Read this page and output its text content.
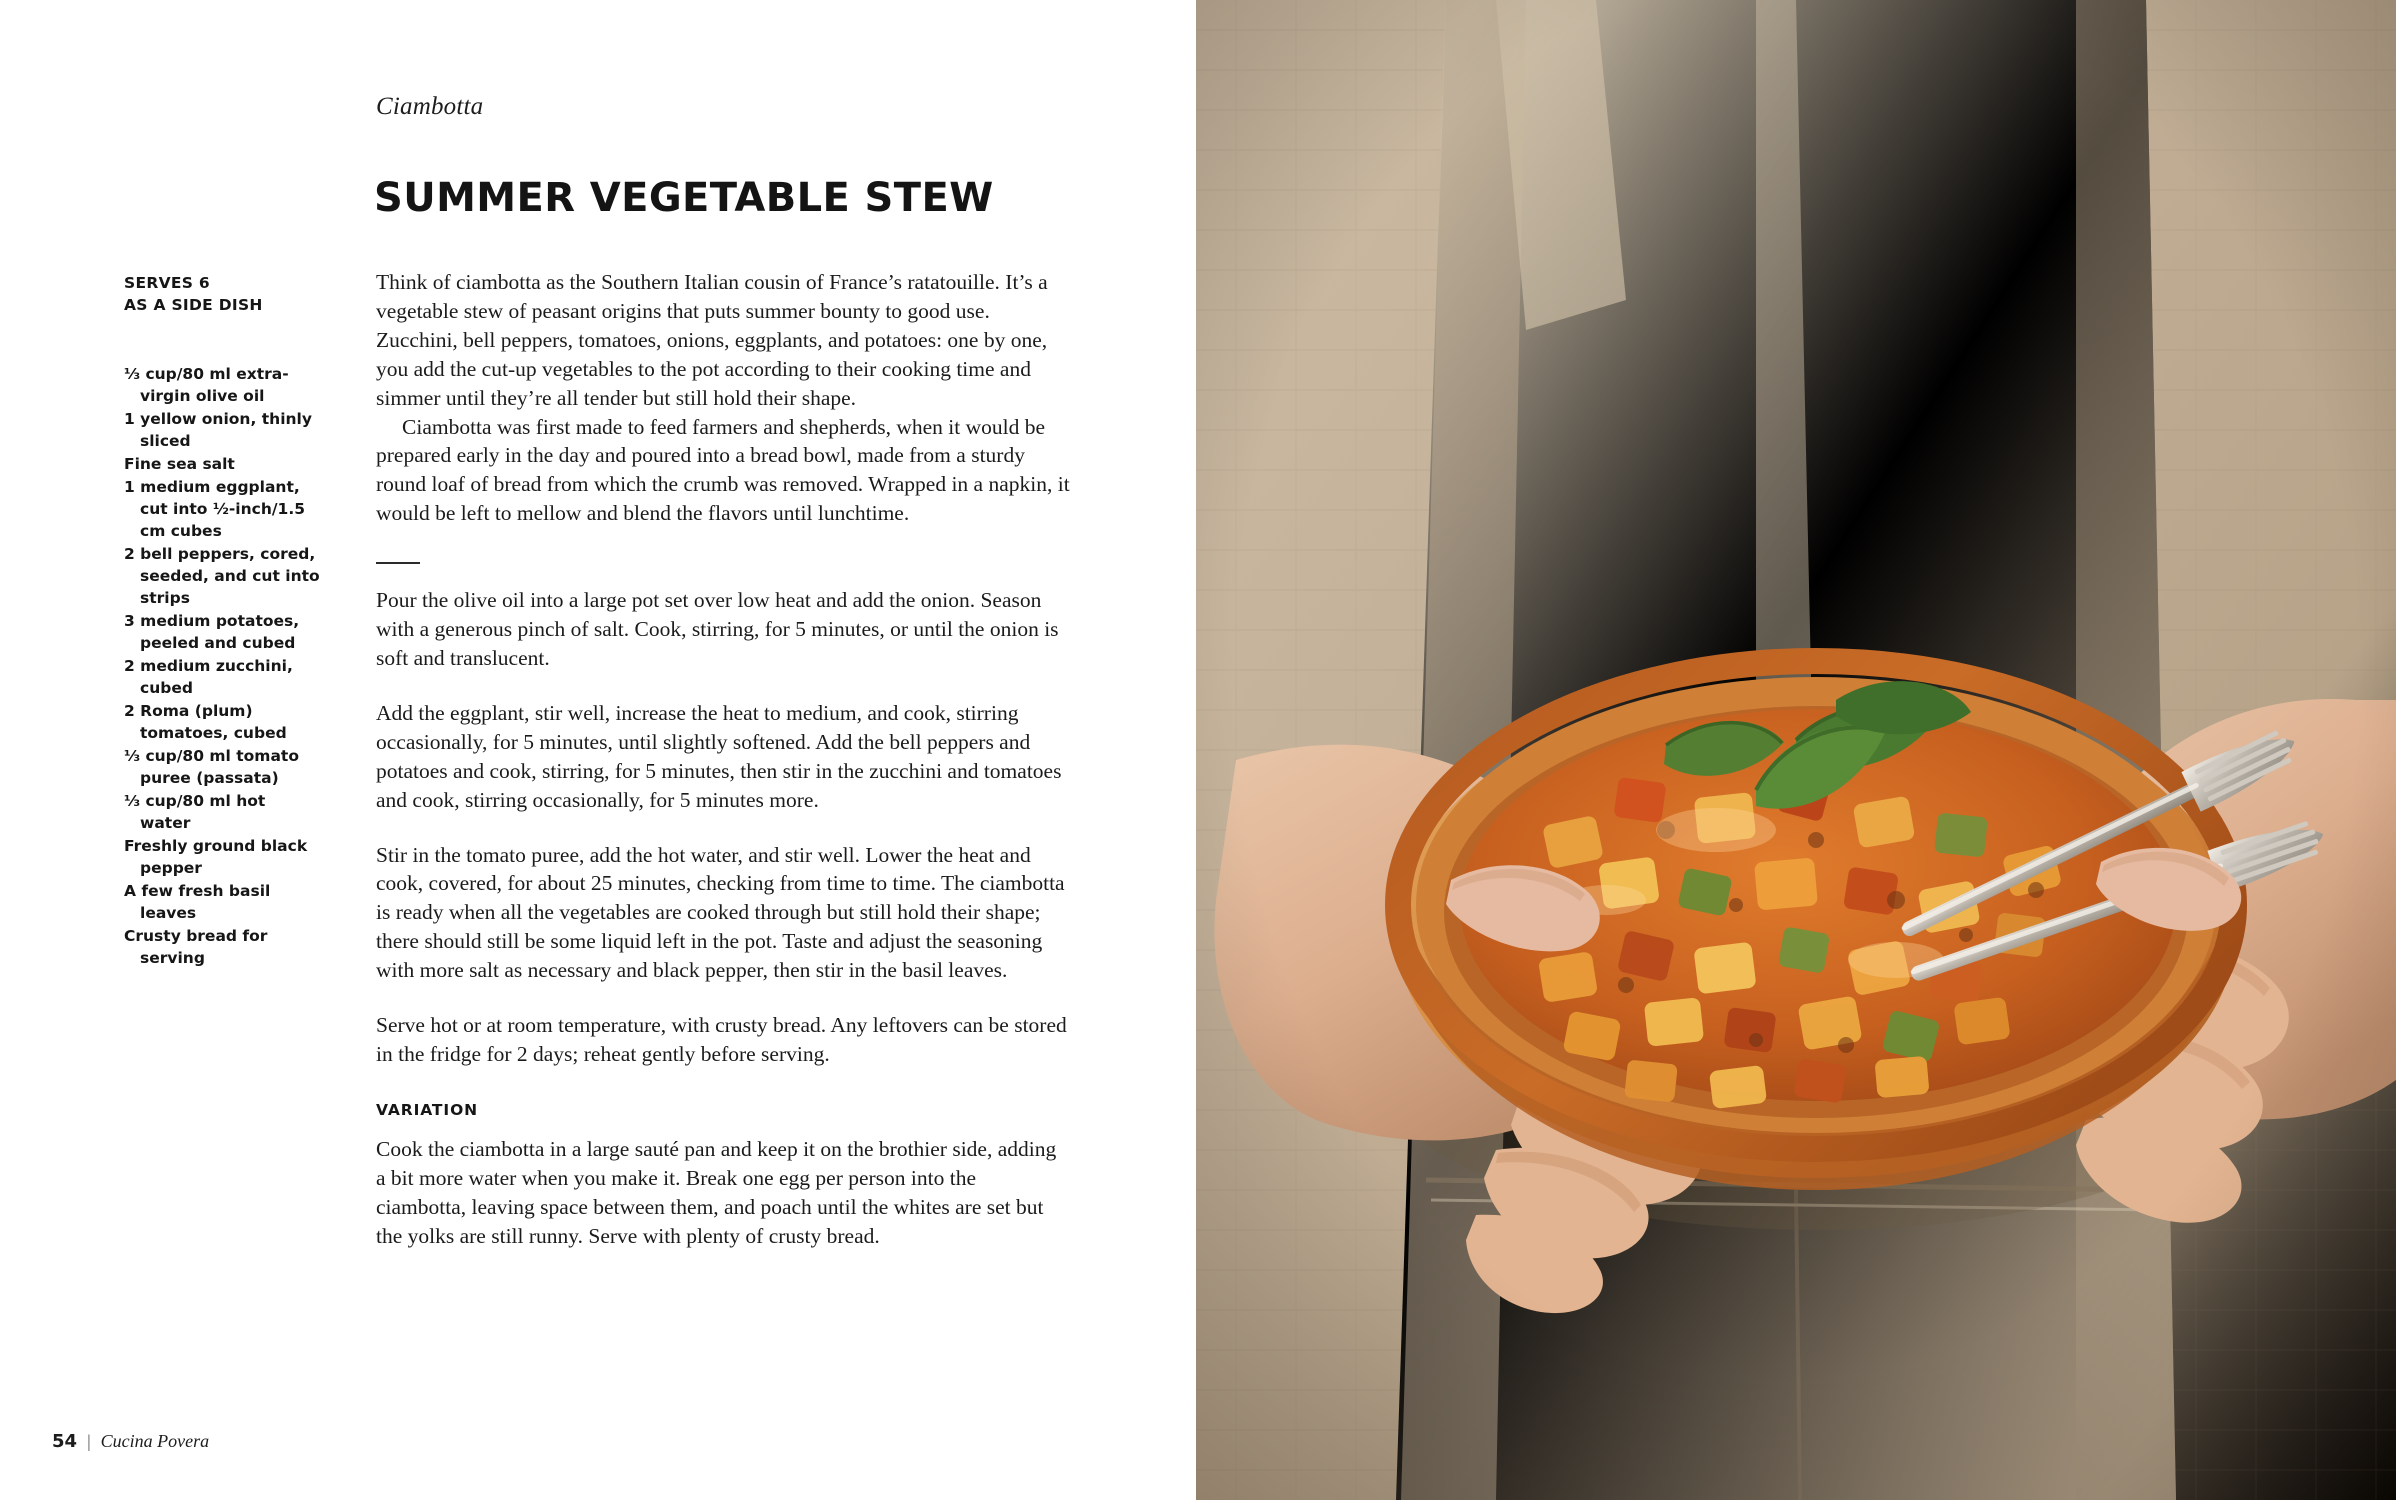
Ciambotta
SUMMER VEGETABLE STEW
SERVES 6
AS A SIDE DISH
⅓ cup/80 ml extra-virgin olive oil
1 yellow onion, thinly sliced
Fine sea salt
1 medium eggplant, cut into ½-inch/1.5 cm cubes
2 bell peppers, cored, seeded, and cut into strips
3 medium potatoes, peeled and cubed
2 medium zucchini, cubed
2 Roma (plum) tomatoes, cubed
⅓ cup/80 ml tomato puree (passata)
⅓ cup/80 ml hot water
Freshly ground black pepper
A few fresh basil leaves
Crusty bread for serving

Think of ciambotta as the Southern Italian cousin of France’s ratatouille. It’s a vegetable stew of peasant origins that puts summer bounty to good use. Zucchini, bell peppers, tomatoes, onions, eggplants, and potatoes: one by one, you add the cut-up vegetables to the pot according to their cooking time and simmer until they’re all tender but still hold their shape.

Ciambotta was first made to feed farmers and shepherds, when it would be prepared early in the day and poured into a bread bowl, made from a sturdy round loaf of bread from which the crumb was removed. Wrapped in a napkin, it would be left to mellow and blend the flavors until lunchtime.

Pour the olive oil into a large pot set over low heat and add the onion. Season with a generous pinch of salt. Cook, stirring, for 5 minutes, or until the onion is soft and translucent.

Add the eggplant, stir well, increase the heat to medium, and cook, stirring occasionally, for 5 minutes, until slightly softened. Add the bell peppers and potatoes and cook, stirring, for 5 minutes, then stir in the zucchini and tomatoes and cook, stirring occasionally, for 5 minutes more.

Stir in the tomato puree, add the hot water, and stir well. Lower the heat and cook, covered, for about 25 minutes, checking from time to time. The ciambotta is ready when all the vegetables are cooked through but still hold their shape; there should still be some liquid left in the pot. Taste and adjust the seasoning with more salt as necessary and black pepper, then stir in the basil leaves.

Serve hot or at room temperature, with crusty bread. Any leftovers can be stored in the fridge for 2 days; reheat gently before serving.

VARIATION

Cook the ciambotta in a large sauté pan and keep it on the brothier side, adding a bit more water when you make it. Break one egg per person into the ciambotta, leaving space between them, and poach until the whites are set but the yolks are still runny. Serve with plenty of crusty bread.

54 | Cucina Povera
